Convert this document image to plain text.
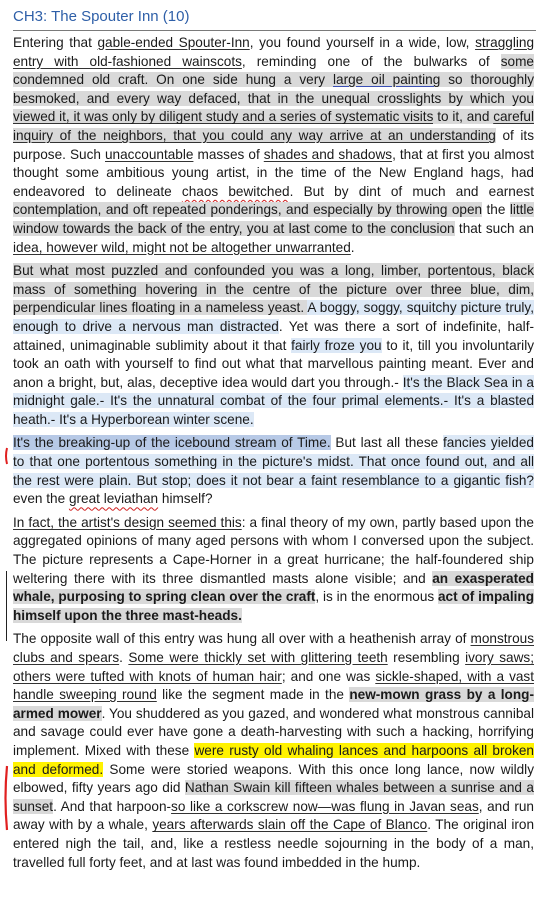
CH3: The Spouter Inn (10)

Entering that gable-ended Spouter-Inn, you found yourself in a wide, low, straggling entry with old-fashioned wainscots, reminding one of the bulwarks of some condemned old craft. On one side hung a very large oil painting so thoroughly besmoked, and every way defaced, that in the unequal crosslights by which you viewed it, it was only by diligent study and a series of systematic visits to it, and careful inquiry of the neighbors, that you could any way arrive at an understanding of its purpose. Such unaccountable masses of shades and shadows, that at first you almost thought some ambitious young artist, in the time of the New England hags, had endeavored to delineate chaos bewitched. But by dint of much and earnest contemplation, and oft repeated ponderings, and especially by throwing open the little window towards the back of the entry, you at last come to the conclusion that such an idea, however wild, might not be altogether unwarranted.

But what most puzzled and confounded you was a long, limber, portentous, black mass of something hovering in the centre of the picture over three blue, dim, perpendicular lines floating in a nameless yeast. A boggy, soggy, squitchy picture truly, enough to drive a nervous man distracted. Yet was there a sort of indefinite, half-attained, unimaginable sublimity about it that fairly froze you to it, till you involuntarily took an oath with yourself to find out what that marvellous painting meant. Ever and anon a bright, but, alas, deceptive idea would dart you through.- It's the Black Sea in a midnight gale.- It's the unnatural combat of the four primal elements.- It's a blasted heath.- It's a Hyperborean winter scene.

It's the breaking-up of the icebound stream of Time. But last all these fancies yielded to that one portentous something in the picture's midst. That once found out, and all the rest were plain. But stop; does it not bear a faint resemblance to a gigantic fish? even the great leviathan himself?

In fact, the artist's design seemed this: a final theory of my own, partly based upon the aggregated opinions of many aged persons with whom I conversed upon the subject. The picture represents a Cape-Horner in a great hurricane; the half-foundered ship weltering there with its three dismantled masts alone visible; and an exasperated whale, purposing to spring clean over the craft, is in the enormous act of impaling himself upon the three mast-heads.

The opposite wall of this entry was hung all over with a heathenish array of monstrous clubs and spears. Some were thickly set with glittering teeth resembling ivory saws; others were tufted with knots of human hair; and one was sickle-shaped, with a vast handle sweeping round like the segment made in the new-mown grass by a long-armed mower. You shuddered as you gazed, and wondered what monstrous cannibal and savage could ever have gone a death-harvesting with such a hacking, horrifying implement. Mixed with these were rusty old whaling lances and harpoons all broken and deformed. Some were storied weapons. With this once long lance, now wildly elbowed, fifty years ago did Nathan Swain kill fifteen whales between a sunrise and a sunset. And that harpoon-so like a corkscrew now—was flung in Javan seas, and run away with by a whale, years afterwards slain off the Cape of Blanco. The original iron entered nigh the tail, and, like a restless needle sojourning in the body of a man, travelled full forty feet, and at last was found imbedded in the hump.
